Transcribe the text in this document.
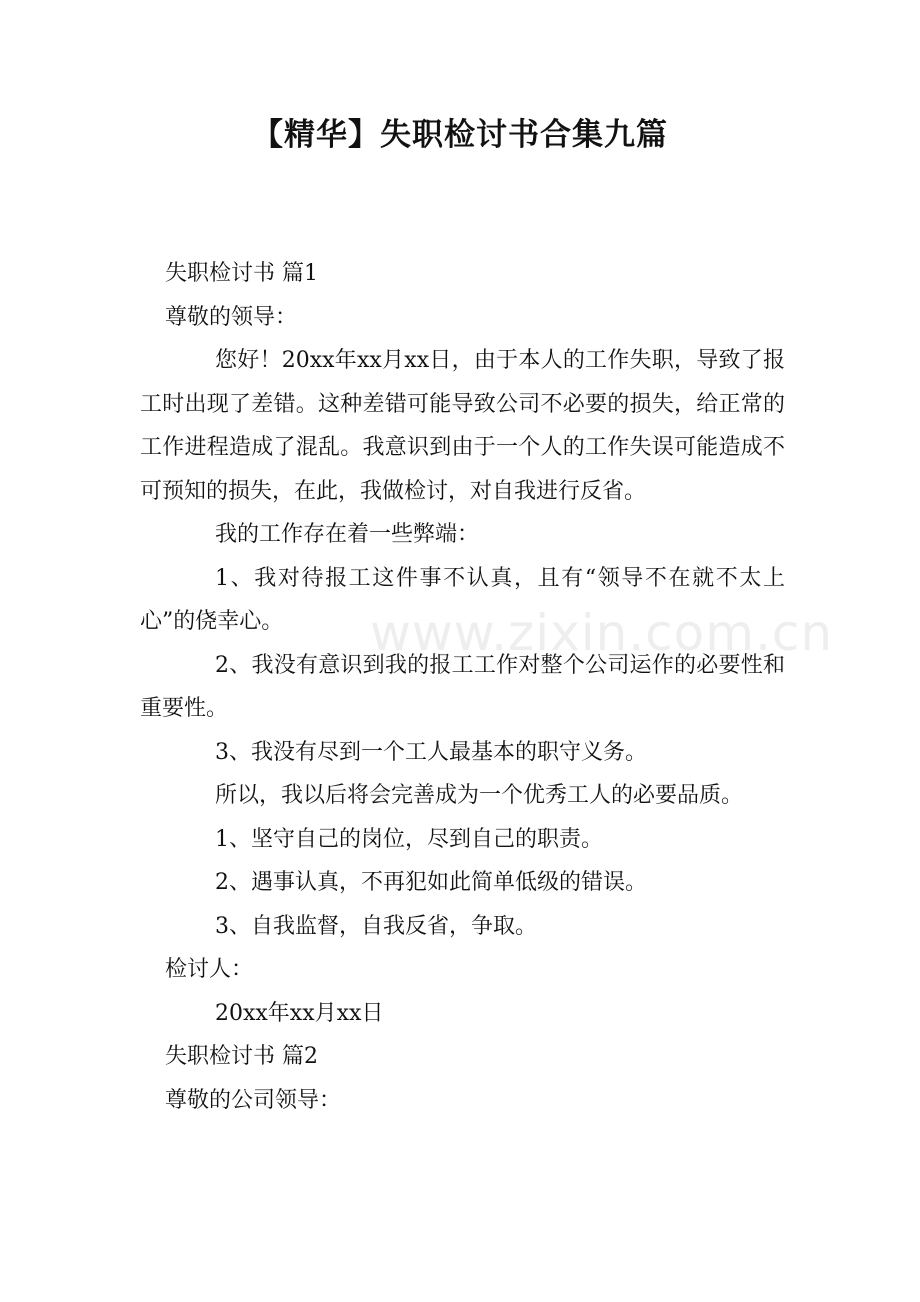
【精华】失职检讨书合集九篇

失职检讨书 篇1

尊敬的领导：

您好！20xx年xx月xx日，由于本人的工作失职，导致了报工时出现了差错。这种差错可能导致公司不必要的损失，给正常的工作进程造成了混乱。我意识到由于一个人的工作失误可能造成不可预知的损失，在此，我做检讨，对自我进行反省。

我的工作存在着一些弊端：

1、我对待报工这件事不认真，且有“领导不在就不太上心”的侥幸心。

2、我没有意识到我的报工工作对整个公司运作的必要性和重要性。

3、我没有尽到一个工人最基本的职守义务。

所以，我以后将会完善成为一个优秀工人的必要品质。

1、坚守自己的岗位，尽到自己的职责。

2、遇事认真，不再犯如此简单低级的错误。

3、自我监督，自我反省，争取。

检讨人：

20xx年xx月xx日

失职检讨书 篇2

尊敬的公司领导：

www.zixin.com.cn
